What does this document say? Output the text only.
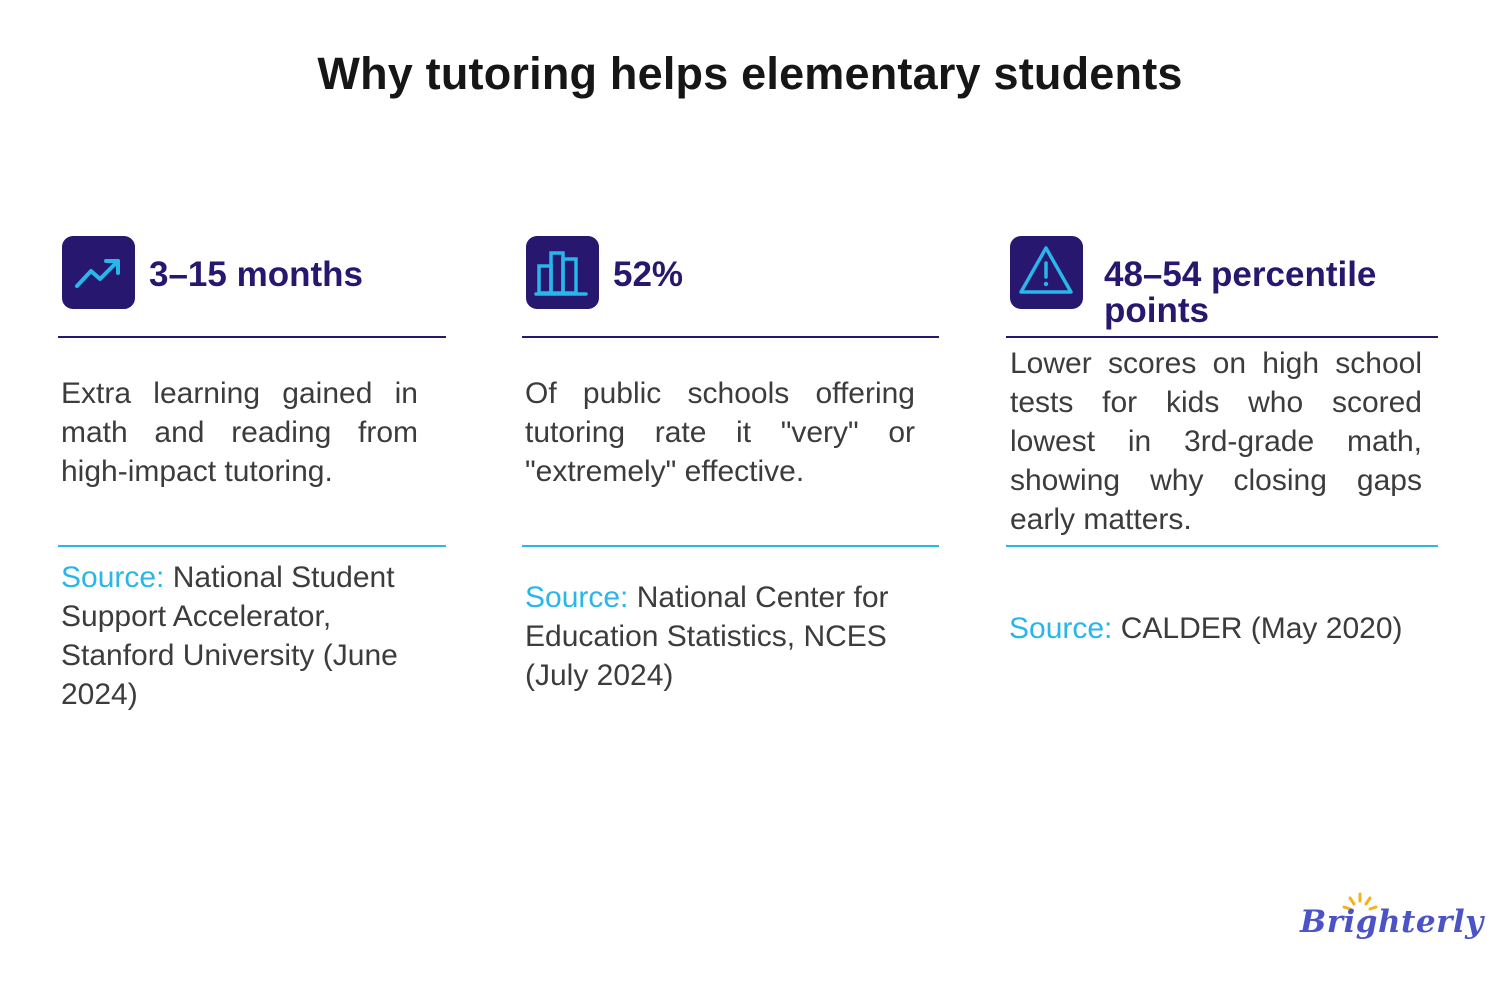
Why tutoring helps elementary students
3–15 months
Extra learning gained in math and reading from high-impact tutoring.
Source: National Student Support Accelerator, Stanford University (June 2024)
52%
Of public schools offering tutoring rate it "very" or "extremely" effective.
Source: National Center for Education Statistics, NCES (July 2024)
48–54 percentile points
Lower scores on high school tests for kids who scored lowest in 3rd-grade math, showing why closing gaps early matters.
Source: CALDER (May 2020)
Brighterly
